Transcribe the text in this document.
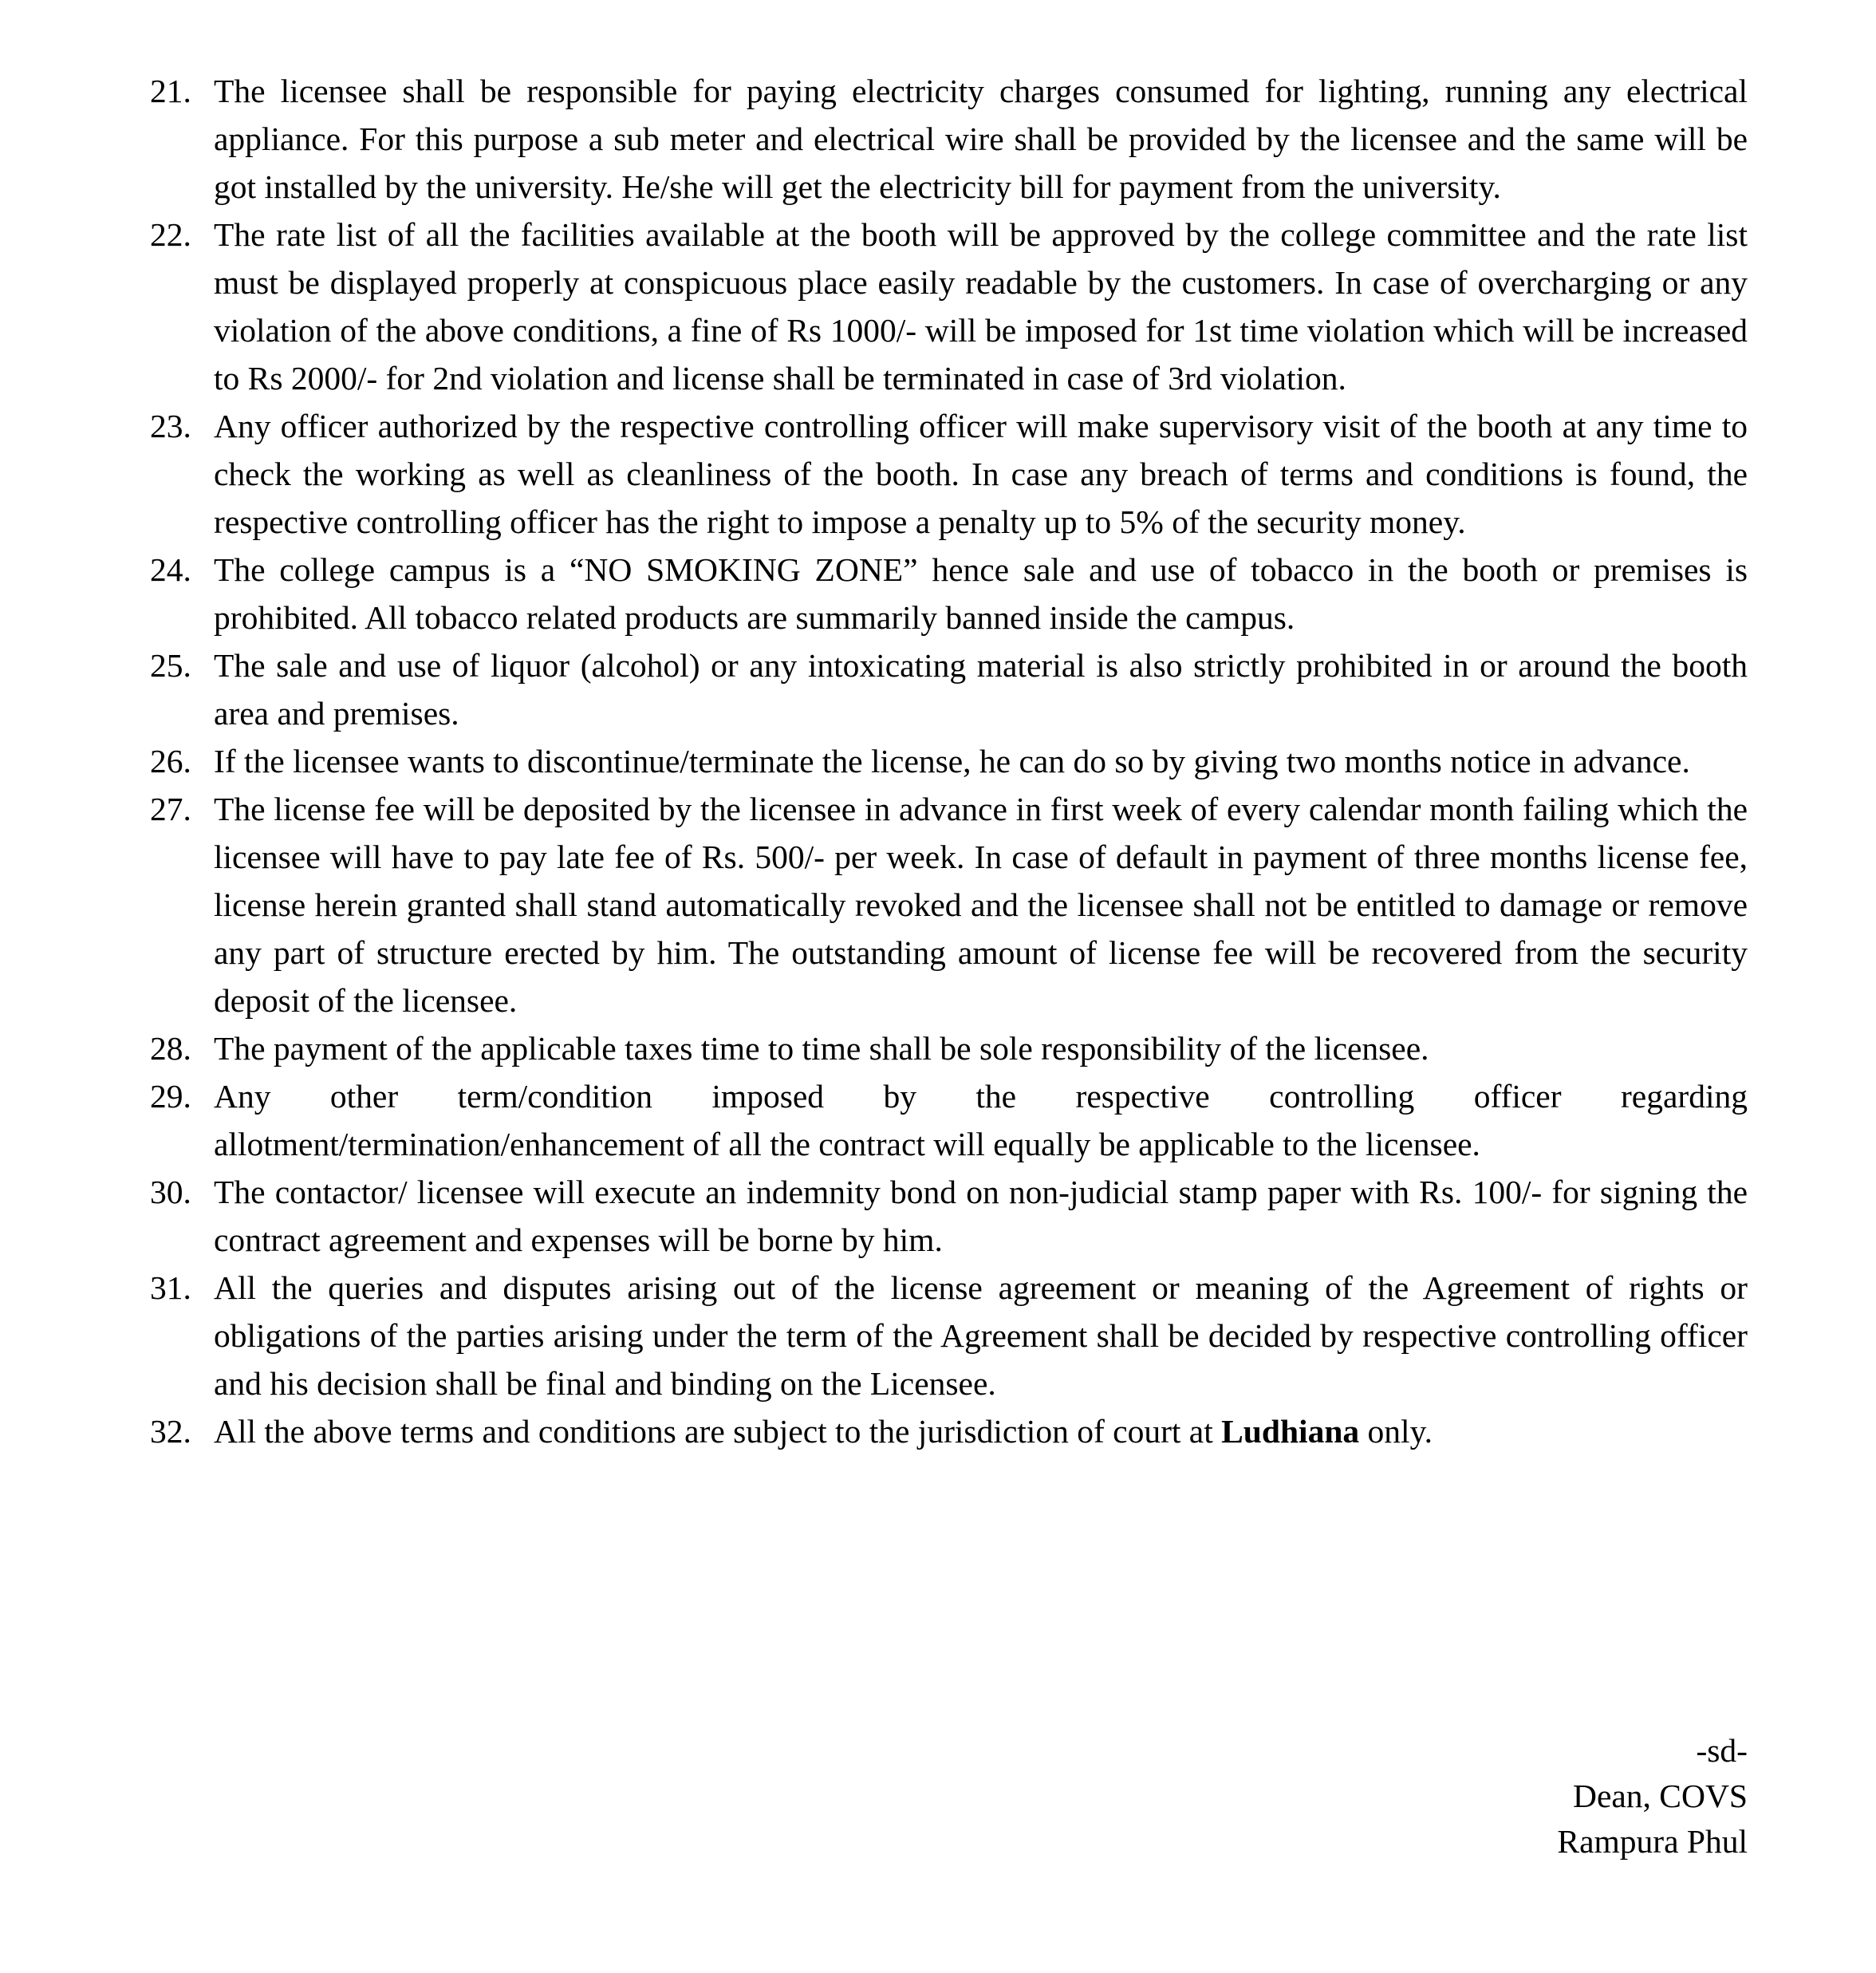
21. The licensee shall be responsible for paying electricity charges consumed for lighting, running any electrical appliance. For this purpose a sub meter and electrical wire shall be provided by the licensee and the same will be got installed by the university. He/she will get the electricity bill for payment from the university.
22. The rate list of all the facilities available at the booth will be approved by the college committee and the rate list must be displayed properly at conspicuous place easily readable by the customers. In case of overcharging or any violation of the above conditions, a fine of Rs 1000/- will be imposed for 1st time violation which will be increased to Rs 2000/- for 2nd violation and license shall be terminated in case of 3rd violation.
23. Any officer authorized by the respective controlling officer will make supervisory visit of the booth at any time to check the working as well as cleanliness of the booth. In case any breach of terms and conditions is found, the respective controlling officer has the right to impose a penalty up to 5% of the security money.
24. The college campus is a “NO SMOKING ZONE” hence sale and use of tobacco in the booth or premises is prohibited. All tobacco related products are summarily banned inside the campus.
25. The sale and use of liquor (alcohol) or any intoxicating material is also strictly prohibited in or around the booth area and premises.
26. If the licensee wants to discontinue/terminate the license, he can do so by giving two months notice in advance.
27. The license fee will be deposited by the licensee in advance in first week of every calendar month failing which the licensee will have to pay late fee of Rs. 500/- per week. In case of default in payment of three months license fee, license herein granted shall stand automatically revoked and the licensee shall not be entitled to damage or remove any part of structure erected by him. The outstanding amount of license fee will be recovered from the security deposit of the licensee.
28. The payment of the applicable taxes time to time shall be sole responsibility of the licensee.
29. Any other term/condition imposed by the respective controlling officer regarding allotment/termination/enhancement of all the contract will equally be applicable to the licensee.
30. The contactor/ licensee will execute an indemnity bond on non-judicial stamp paper with Rs. 100/- for signing the contract agreement and expenses will be borne by him.
31. All the queries and disputes arising out of the license agreement or meaning of the Agreement of rights or obligations of the parties arising under the term of the Agreement shall be decided by respective controlling officer and his decision shall be final and binding on the Licensee.
32. All the above terms and conditions are subject to the jurisdiction of court at Ludhiana only.
-sd-
Dean, COVS
Rampura Phul
